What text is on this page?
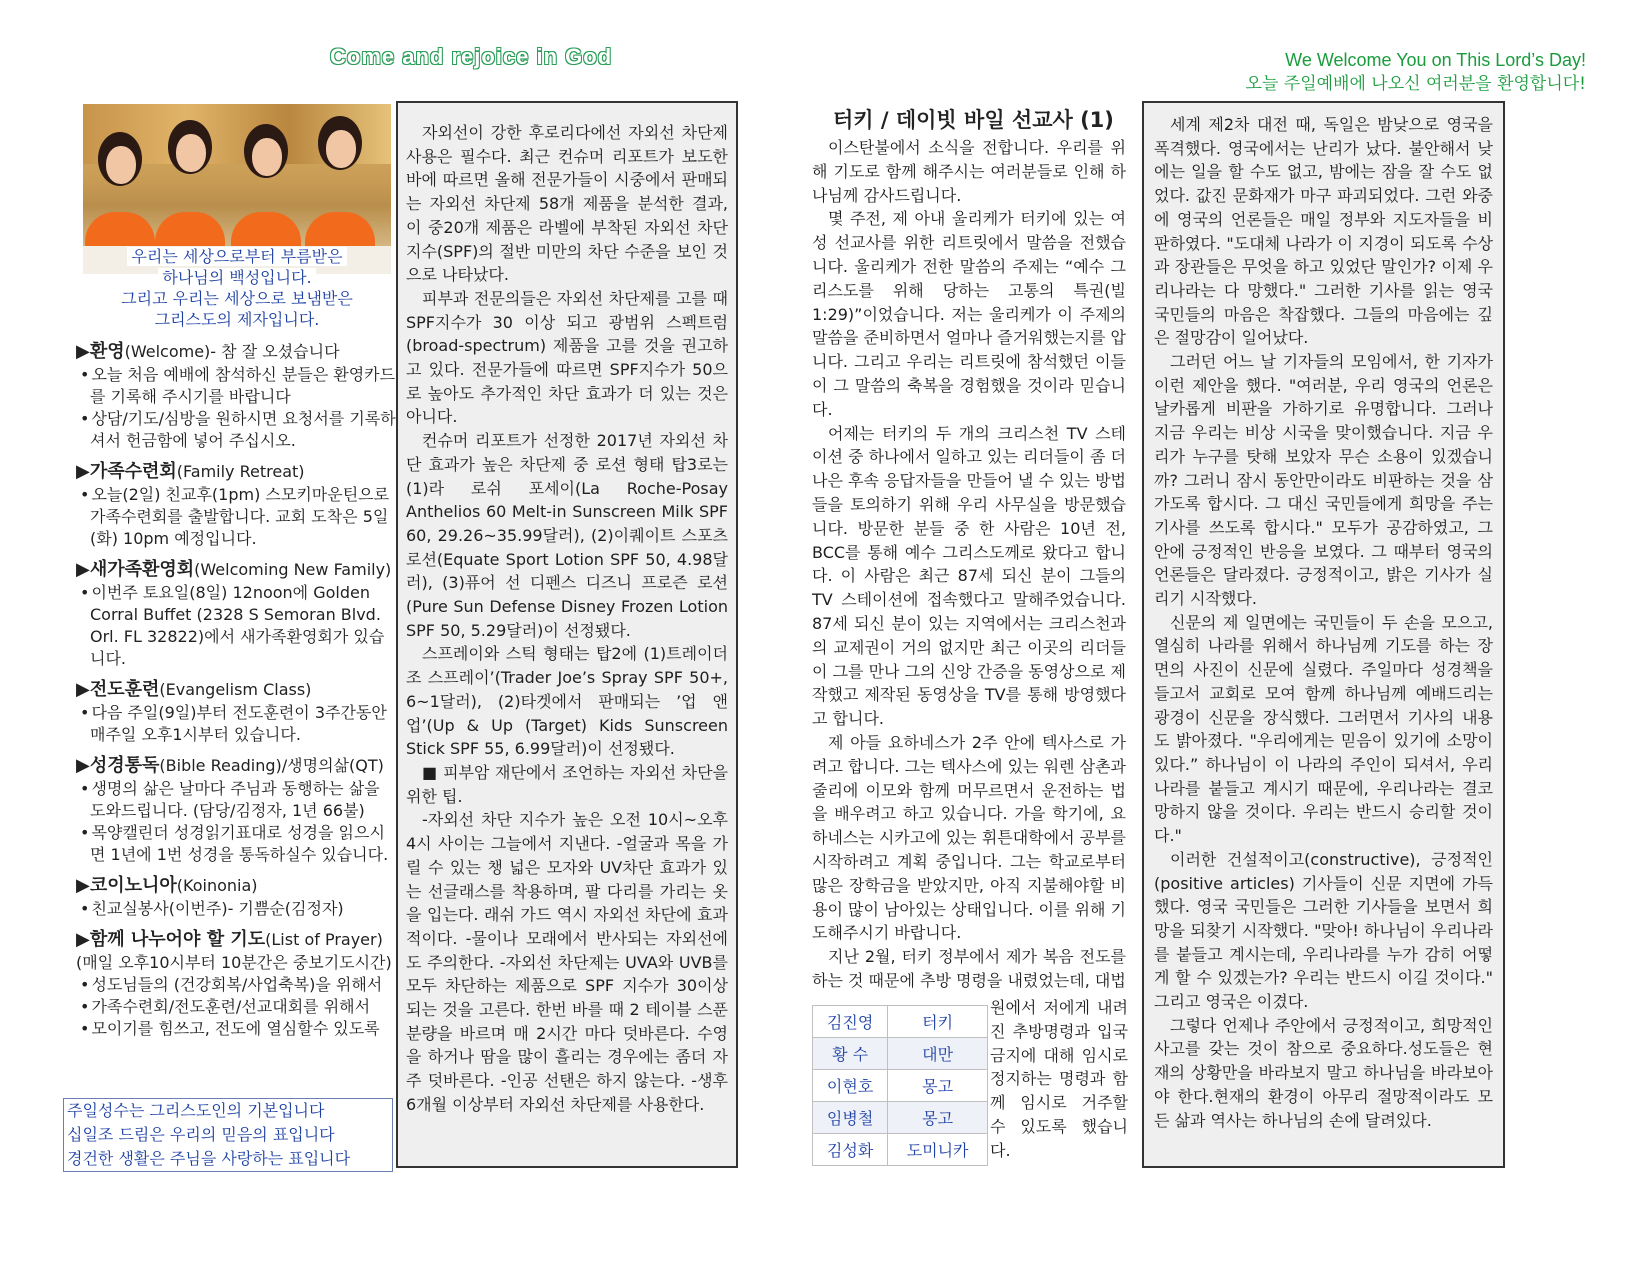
Come and rejoice in God	We Welcome You on This Lord’s Day!
오늘 주일예배에 나오신 여러분을 환영합니다!
우리는 세상으로부터 부름받은
하나님의 백성입니다.
그리고 우리는 세상으로 보냄받은
그리스도의 제자입니다.
▶환영(Welcome)- 참 잘 오셨습니다
• 오늘 처음 예배에 참석하신 분들은 환영카드를 기록해 주시기를 바랍니다
• 상담/기도/심방을 원하시면 요청서를 기록하셔서 헌금함에 넣어 주십시오.
▶가족수련회(Family Retreat)
• 오늘(2일) 친교후(1pm) 스모키마운틴으로 가족수련회를 출발합니다. 교회 도착은 5일(화) 10pm 예정입니다.
▶새가족환영회(Welcoming New Family)
• 이번주 토요일(8일) 12noon에 Golden Corral Buffet (2328 S Semoran Blvd. Orl. FL 32822)에서 새가족환영회가 있습니다.
▶전도훈련(Evangelism Class)
• 다음 주일(9일)부터 전도훈련이 3주간동안 매주일 오후1시부터 있습니다.
▶성경통독(Bible Reading)/생명의삶(QT)
• 생명의 삶은 날마다 주님과 동행하는 삶을 도와드립니다. (담당/김정자, 1년 66불)
• 목양캘린더 성경읽기표대로 성경을 읽으시면 1년에 1번 성경을 통독하실수 있습니다.
▶코이노니아(Koinonia)
• 친교실봉사(이번주)- 기쁨순(김정자)
▶함께 나누어야 할 기도(List of Prayer)
(매일 오후10시부터 10분간은 중보기도시간)
• 성도님들의 (건강회복/사업축복)을 위해서
• 가족수련회/전도훈련/선교대회를 위해서
• 모이기를 힘쓰고, 전도에 열심할수 있도록
주일성수는 그리스도인의 기본입니다
십일조 드림은 우리의 믿음의 표입니다
경건한 생활은 주님을 사랑하는 표입니다

자외선이 강한 후로리다에선 자외선 차단제 사용은 필수다. 최근 컨슈머 리포트가 보도한 바에 따르면 올해 전문가들이 시중에서 판매되는 자외선 차단제 58개 제품을 분석한 결과, 이 중20개 제품은 라벨에 부착된 자외선 차단지수(SPF)의 절반 미만의 차단 수준을 보인 것으로 나타났다.

피부과 전문의들은 자외선 차단제를 고를 때 SPF지수가 30 이상 되고 광범위 스펙트럼(broad-spectrum) 제품을 고를 것을 권고하고 있다. 전문가들에 따르면 SPF지수가 50으로 높아도 추가적인 차단 효과가 더 있는 것은 아니다.

컨슈머 리포트가 선정한 2017년 자외선 차단 효과가 높은 차단제 중 로션 형태 탑3로는 (1)라 로쉬 포세이(La Roche-Posay Anthelios 60 Melt-in Sunscreen Milk SPF 60, 29.26~35.99달러), (2)이퀘이트 스포츠 로션(Equate Sport Lotion SPF 50, 4.98달러), (3)퓨어 선 디펜스 디즈니 프로즌 로션(Pure Sun Defense Disney Frozen Lotion SPF 50, 5.29달러)이 선정됐다.

스프레이와 스틱 형태는 탑2에 (1)트레이더 조 스프레이’(Trader Joe’s Spray SPF 50+, 6~1달러), (2)타겟에서 판매되는 ’업 앤 업’(Up & Up (Target) Kids Sunscreen Stick SPF 55, 6.99달러)이 선정됐다.

■ 피부암 재단에서 조언하는 자외선 차단을 위한 팁.

-자외선 차단 지수가 높은 오전 10시~오후 4시 사이는 그늘에서 지낸다. -얼굴과 목을 가릴 수 있는 챙 넓은 모자와 UV차단 효과가 있는 선글래스를 착용하며, 팔 다리를 가리는 옷을 입는다. 래쉬 가드 역시 자외선 차단에 효과적이다. -물이나 모래에서 반사되는 자외선에도 주의한다. -자외선 차단제는 UVA와 UVB를 모두 차단하는 제품으로 SPF 지수가 30이상 되는 것을 고른다. 한번 바를 때 2 테이블 스푼 분량을 바르며 매 2시간 마다 덧바른다. 수영을 하거나 땀을 많이 흘리는 경우에는 좀더 자주 덧바른다. -인공 선탠은 하지 않는다. -생후 6개월 이상부터 자외선 차단제를 사용한다.

터키 / 데이빗 바일 선교사 (1)

이스탄불에서 소식을 전합니다. 우리를 위해 기도로 함께 해주시는 여러분들로 인해 하나님께 감사드립니다.

몇 주전, 제 아내 울리케가 터키에 있는 여성 선교사를 위한 리트릿에서 말씀을 전했습니다. 울리케가 전한 말씀의 주제는 “예수 그리스도를 위해 당하는 고통의 특권(빌 1:29)”이었습니다. 저는 울리케가 이 주제의 말씀을 준비하면서 얼마나 즐거워했는지를 압니다. 그리고 우리는 리트릿에 참석했던 이들이 그 말씀의 축복을 경험했을 것이라 믿습니다.

어제는 터키의 두 개의 크리스천 TV 스테이션 중 하나에서 일하고 있는 리더들이 좀 더 나은 후속 응답자들을 만들어 낼 수 있는 방법들을 토의하기 위해 우리 사무실을 방문했습니다. 방문한 분들 중 한 사람은 10년 전, BCC를 통해 예수 그리스도께로 왔다고 합니다. 이 사람은 최근 87세 되신 분이 그들의 TV 스테이션에 접속했다고 말해주었습니다. 87세 되신 분이 있는 지역에서는 크리스천과의 교제권이 거의 없지만 최근 이곳의 리더들이 그를 만나 그의 신앙 간증을 동영상으로 제작했고 제작된 동영상을 TV를 통해 방영했다고 합니다.

제 아들 요하네스가 2주 안에 텍사스로 가려고 합니다. 그는 텍사스에 있는 워렌 삼촌과 줄리에 이모와 함께 머무르면서 운전하는 법을 배우려고 하고 있습니다. 가을 학기에, 요하네스는 시카고에 있는 휘튼대학에서 공부를 시작하려고 계획 중입니다. 그는 학교로부터 많은 장학금을 받았지만, 아직 지불해야할 비용이 많이 남아있는 상태입니다. 이를 위해 기도해주시기 바랍니다.

지난 2월, 터키 정부에서 제가 복음 전도를 하는 것 때문에 추방 명령을 내렸었는데, 대법

원에서 저에게 내려진 추방명령과 입국금지에 대해 임시로 정지하는 명령과 함께 임시로 거주할 수 있도록 했습니다.
김진영	터키
황 수	대만
이현호	몽고
임병철	몽고
김성화	도미니카

세계 제2차 대전 때, 독일은 밤낮으로 영국을 폭격했다. 영국에서는 난리가 났다. 불안해서 낮에는 일을 할 수도 없고, 밤에는 잠을 잘 수도 없었다. 값진 문화재가 마구 파괴되었다. 그런 와중에 영국의 언론들은 매일 정부와 지도자들을 비판하였다. "도대체 나라가 이 지경이 되도록 수상과 장관들은 무엇을 하고 있었단 말인가? 이제 우리나라는 다 망했다." 그러한 기사를 읽는 영국 국민들의 마음은 착잡했다. 그들의 마음에는 깊은 절망감이 일어났다.

그러던 어느 날 기자들의 모임에서, 한 기자가 이런 제안을 했다. "여러분, 우리 영국의 언론은 날카롭게 비판을 가하기로 유명합니다. 그러나 지금 우리는 비상 시국을 맞이했습니다. 지금 우리가 누구를 탓해 보았자 무슨 소용이 있겠습니까? 그러니 잠시 동안만이라도 비판하는 것을 삼가도록 합시다. 그 대신 국민들에게 희망을 주는 기사를 쓰도록 합시다." 모두가 공감하였고, 그 안에 긍정적인 반응을 보였다. 그 때부터 영국의 언론들은 달라졌다. 긍정적이고, 밝은 기사가 실리기 시작했다.

신문의 제 일면에는 국민들이 두 손을 모으고, 열심히 나라를 위해서 하나님께 기도를 하는 장면의 사진이 신문에 실렸다. 주일마다 성경책을 들고서 교회로 모여 함께 하나님께 예배드리는 광경이 신문을 장식했다. 그러면서 기사의 내용도 밝아졌다. "우리에게는 믿음이 있기에 소망이 있다.” 하나님이 이 나라의 주인이 되셔서, 우리나라를 붙들고 계시기 때문에, 우리나라는 결코 망하지 않을 것이다. 우리는 반드시 승리할 것이다."

이러한 건설적이고(constructive), 긍정적인(positive articles) 기사들이 신문 지면에 가득했다. 영국 국민들은 그러한 기사들을 보면서 희망을 되찾기 시작했다. "맞아! 하나님이 우리나라를 붙들고 계시는데, 우리나라를 누가 감히 어떻게 할 수 있겠는가? 우리는 반드시 이길 것이다." 그리고 영국은 이겼다.

그렇다 언제나 주안에서 긍정적이고, 희망적인 사고를 갖는 것이 참으로 중요하다.성도들은 현재의 상황만을 바라보지 말고 하나님을 바라보아야 한다.현재의 환경이 아무리 절망적이라도 모든 삶과 역사는 하나님의 손에 달려있다.
